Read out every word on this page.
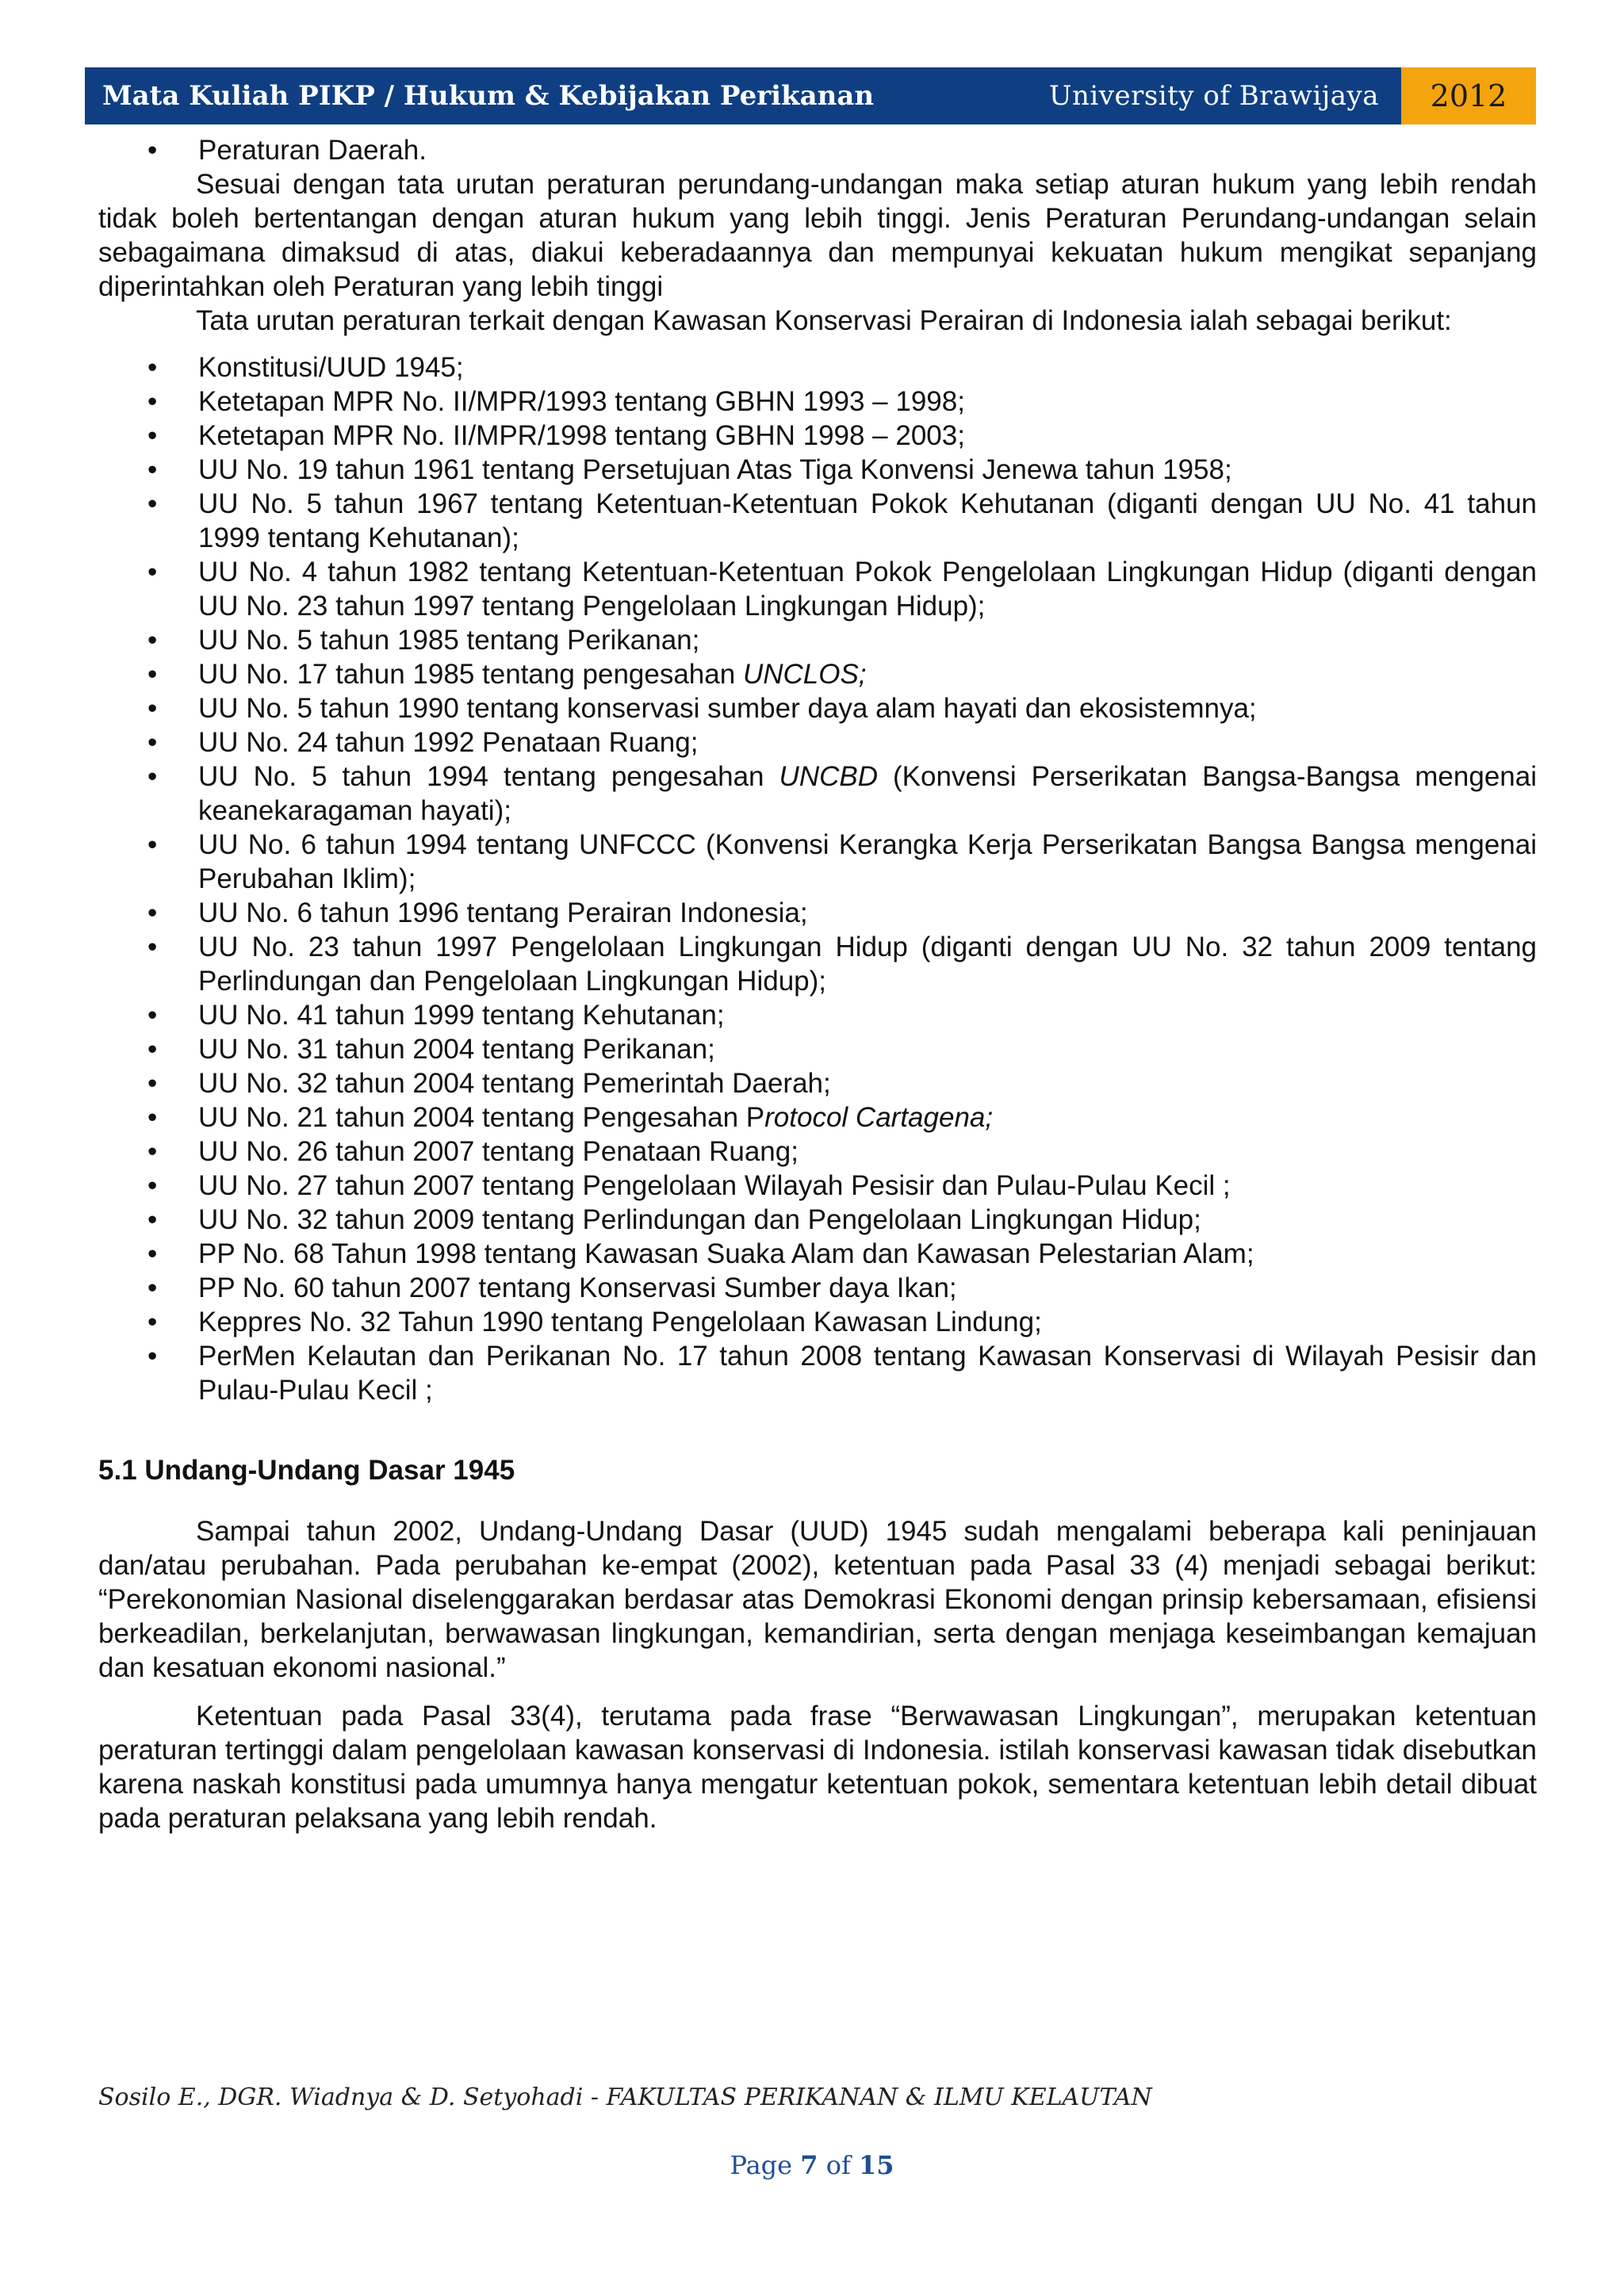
Mata Kuliah PIKP / Hukum & Kebijakan Perikanan	University of Brawijaya	2012
• Peraturan Daerah.

Sesuai dengan tata urutan peraturan perundang-undangan maka setiap aturan hukum yang lebih rendah tidak boleh bertentangan dengan aturan hukum yang lebih tinggi. Jenis Peraturan Perundang-undangan selain sebagaimana dimaksud di atas, diakui keberadaannya dan mempunyai kekuatan hukum mengikat sepanjang diperintahkan oleh Peraturan yang lebih tinggi

Tata urutan peraturan terkait dengan Kawasan Konservasi Perairan di Indonesia ialah sebagai berikut:

• Konstitusi/UUD 1945;
• Ketetapan MPR No. II/MPR/1993 tentang GBHN 1993 – 1998;
• Ketetapan MPR No. II/MPR/1998 tentang GBHN 1998 – 2003;
• UU No. 19 tahun 1961 tentang Persetujuan Atas Tiga Konvensi Jenewa tahun 1958;
• UU No. 5 tahun 1967 tentang Ketentuan-Ketentuan Pokok Kehutanan (diganti dengan UU No. 41 tahun 1999 tentang Kehutanan);
• UU No. 4 tahun 1982 tentang Ketentuan-Ketentuan Pokok Pengelolaan Lingkungan Hidup (diganti dengan UU No. 23 tahun 1997 tentang Pengelolaan Lingkungan Hidup);
• UU No. 5 tahun 1985 tentang Perikanan;
• UU No. 17 tahun 1985 tentang pengesahan UNCLOS;
• UU No. 5 tahun 1990 tentang konservasi sumber daya alam hayati dan ekosistemnya;
• UU No. 24 tahun 1992 Penataan Ruang;
• UU No. 5 tahun 1994 tentang pengesahan UNCBD (Konvensi Perserikatan Bangsa-Bangsa mengenai keanekaragaman hayati);
• UU No. 6 tahun 1994 tentang UNFCCC (Konvensi Kerangka Kerja Perserikatan Bangsa Bangsa mengenai Perubahan Iklim);
• UU No. 6 tahun 1996 tentang Perairan Indonesia;
• UU No. 23 tahun 1997 Pengelolaan Lingkungan Hidup (diganti dengan UU No. 32 tahun 2009 tentang Perlindungan dan Pengelolaan Lingkungan Hidup);
• UU No. 41 tahun 1999 tentang Kehutanan;
• UU No. 31 tahun 2004 tentang Perikanan;
• UU No. 32 tahun 2004 tentang Pemerintah Daerah;
• UU No. 21 tahun 2004 tentang Pengesahan Protocol Cartagena;
• UU No. 26 tahun 2007 tentang Penataan Ruang;
• UU No. 27 tahun 2007 tentang Pengelolaan Wilayah Pesisir dan Pulau-Pulau Kecil ;
• UU No. 32 tahun 2009 tentang Perlindungan dan Pengelolaan Lingkungan Hidup;
• PP No. 68 Tahun 1998 tentang Kawasan Suaka Alam dan Kawasan Pelestarian Alam;
• PP No. 60 tahun 2007 tentang Konservasi Sumber daya Ikan;
• Keppres No. 32 Tahun 1990 tentang Pengelolaan Kawasan Lindung;
• PerMen Kelautan dan Perikanan No. 17 tahun 2008 tentang Kawasan Konservasi di Wilayah Pesisir dan Pulau-Pulau Kecil ;
5.1 Undang-Undang Dasar 1945

Sampai tahun 2002, Undang-Undang Dasar (UUD) 1945 sudah mengalami beberapa kali peninjauan dan/atau perubahan. Pada perubahan ke-empat (2002), ketentuan pada Pasal 33 (4) menjadi sebagai berikut: “Perekonomian Nasional diselenggarakan berdasar atas Demokrasi Ekonomi dengan prinsip kebersamaan, efisiensi berkeadilan, berkelanjutan, berwawasan lingkungan, kemandirian, serta dengan menjaga keseimbangan kemajuan dan kesatuan ekonomi nasional.”

Ketentuan pada Pasal 33(4), terutama pada frase “Berwawasan Lingkungan”, merupakan ketentuan peraturan tertinggi dalam pengelolaan kawasan konservasi di Indonesia. istilah konservasi kawasan tidak disebutkan karena naskah konstitusi pada umumnya hanya mengatur ketentuan pokok, sementara ketentuan lebih detail dibuat pada peraturan pelaksana yang lebih rendah.

Sosilo E., DGR. Wiadnya & D. Setyohadi - FAKULTAS PERIKANAN & ILMU KELAUTAN
Page 7 of 15
